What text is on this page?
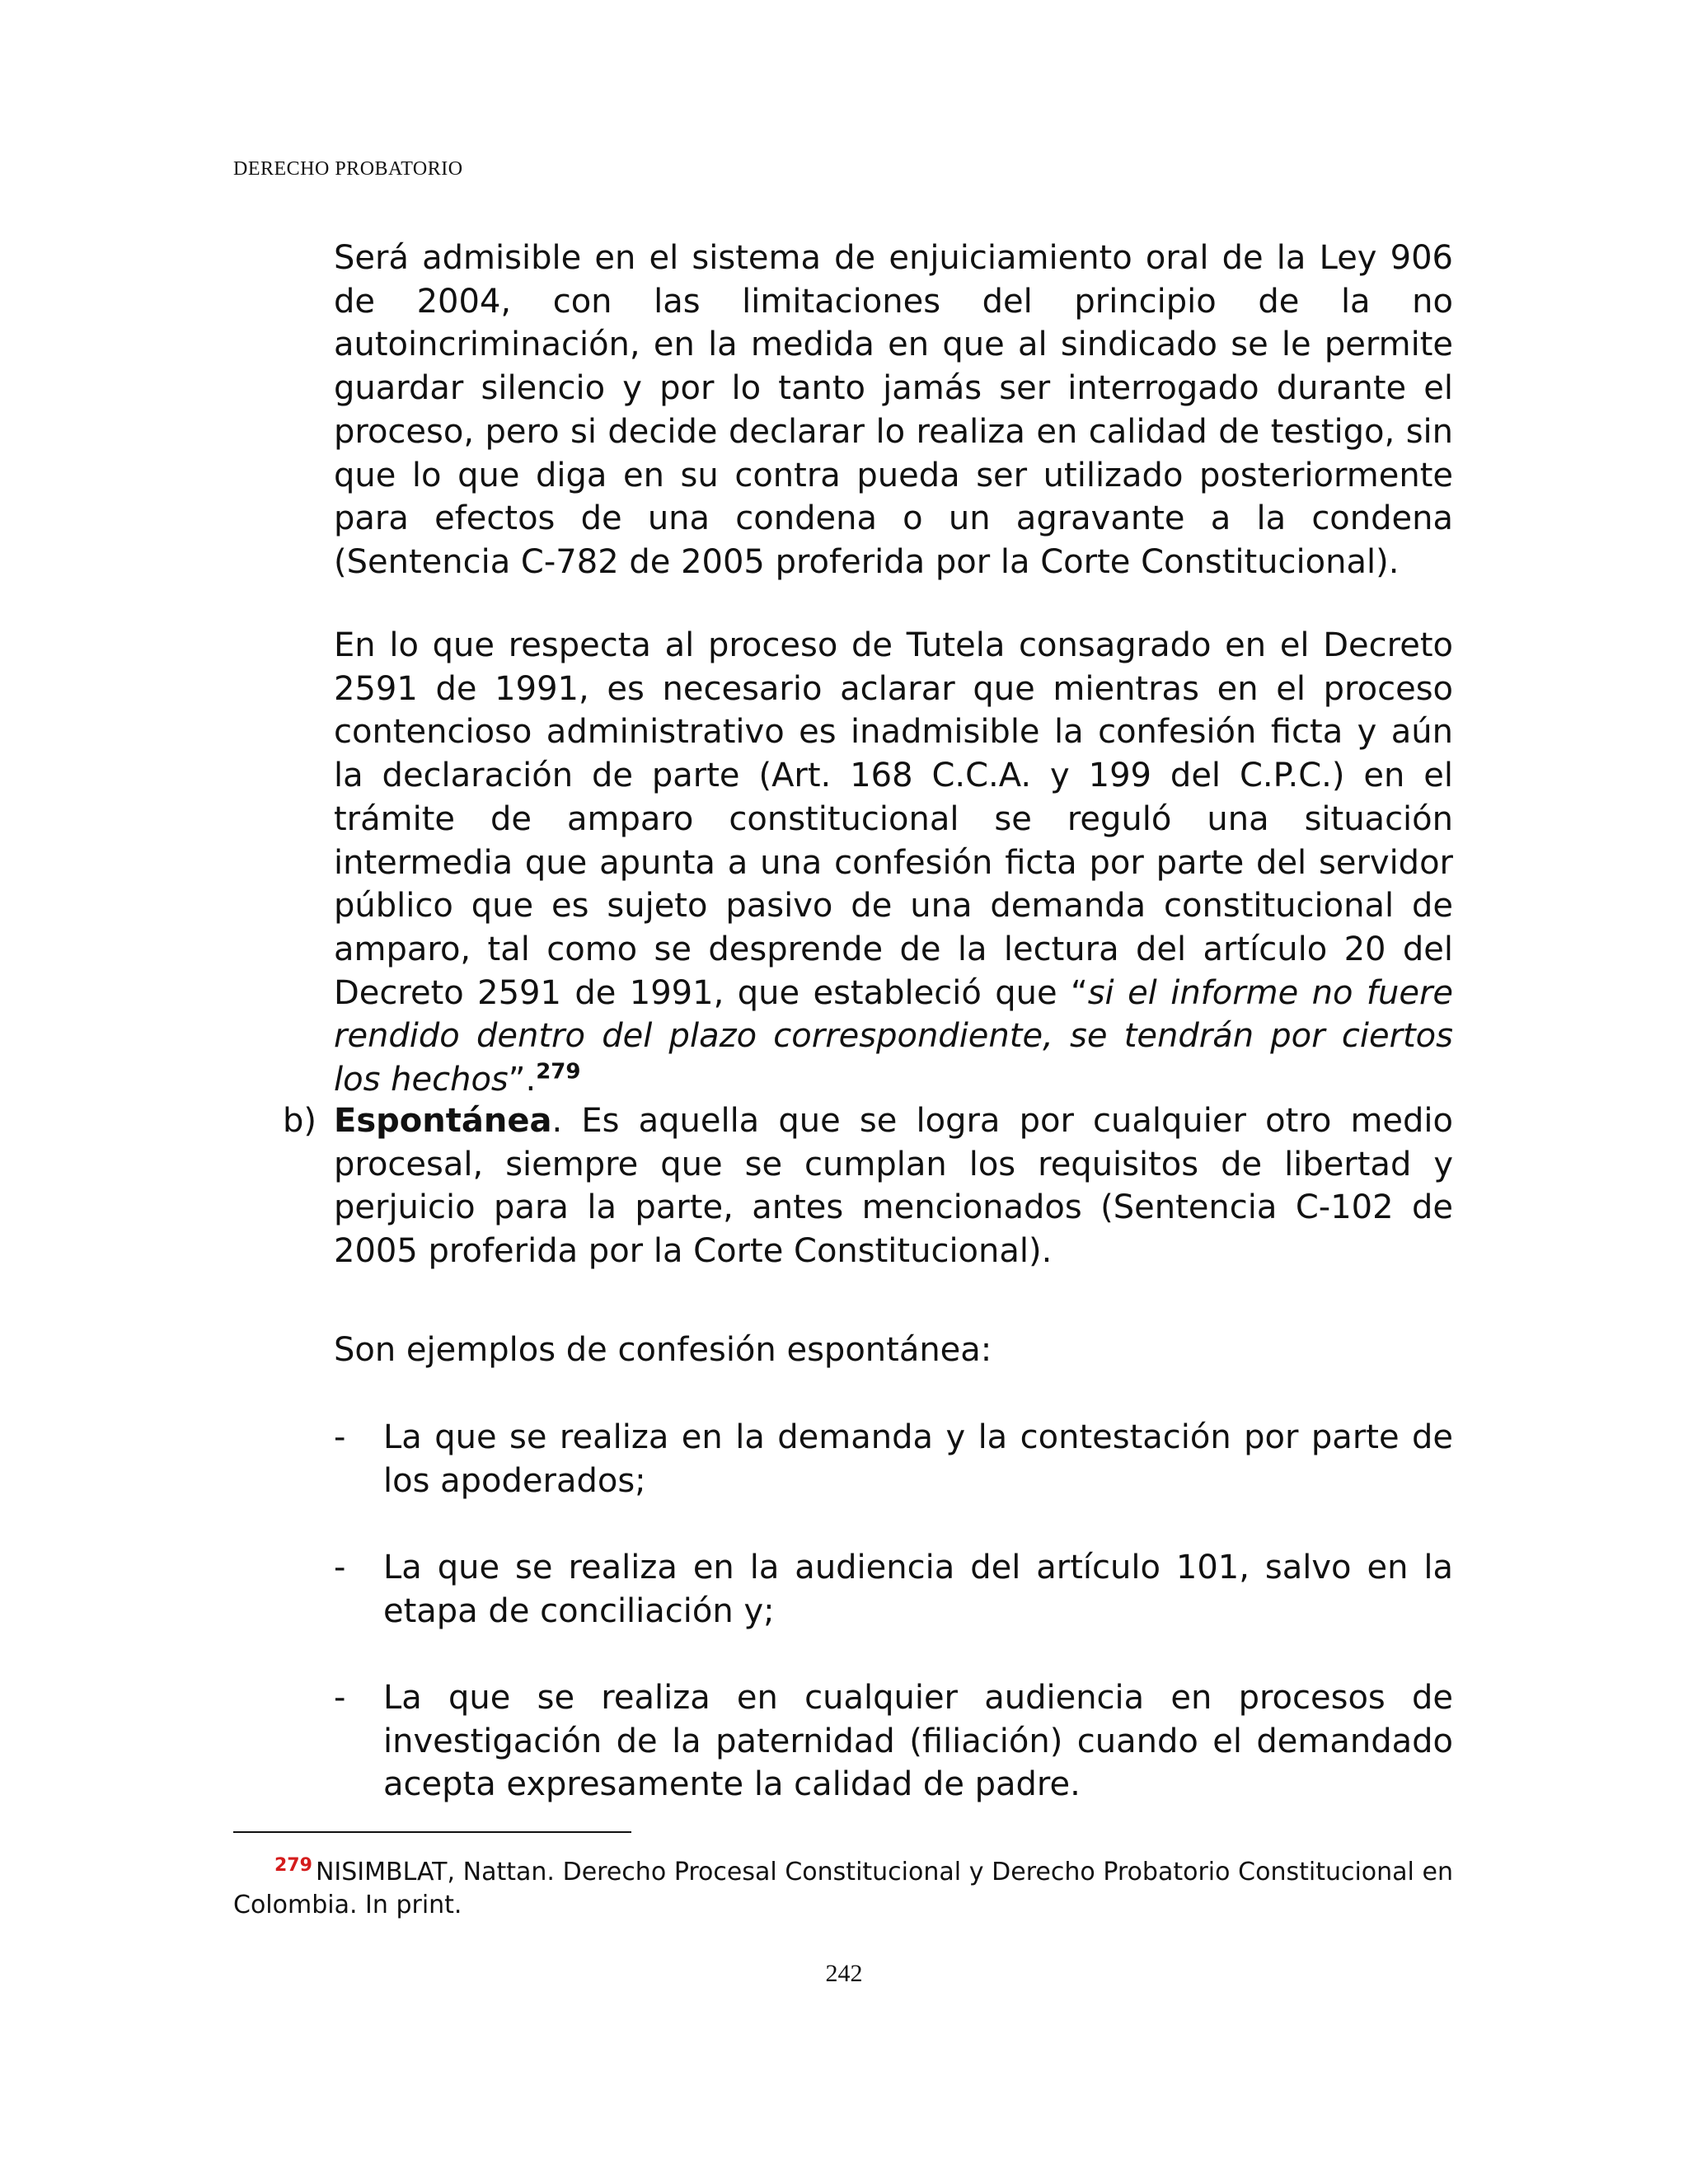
DERECHO PROBATORIO

Será admisible en el sistema de enjuiciamiento oral de la Ley 906 de 2004, con las limitaciones del principio de la no autoincriminación, en la medida en que al sindicado se le permite guardar silencio y por lo tanto jamás ser interrogado durante el proceso, pero si decide declarar lo realiza en calidad de testigo, sin que lo que diga en su contra pueda ser utilizado posteriormente para efectos de una condena o un agravante a la condena (Sentencia C-782 de 2005 proferida por la Corte Constitucional).

En lo que respecta al proceso de Tutela consagrado en el Decreto 2591 de 1991, es necesario aclarar que mientras en el proceso contencioso administrativo es inadmisible la confesión ficta y aún la declaración de parte (Art. 168 C.C.A. y 199 del C.P.C.) en el trámite de amparo constitucional se reguló una situación intermedia que apunta a una confesión ficta por parte del servidor público que es sujeto pasivo de una demanda constitucional de amparo, tal como se desprende de la lectura del artículo 20 del Decreto 2591 de 1991, que estableció que “si el informe no fuere rendido dentro del plazo correspondiente, se tendrán por ciertos los hechos”.$^{279}$

b) Espontánea. Es aquella que se logra por cualquier otro medio procesal, siempre que se cumplan los requisitos de libertad y perjuicio para la parte, antes mencionados (Sentencia C-102 de 2005 proferida por la Corte Constitucional).

Son ejemplos de confesión espontánea:

- La que se realiza en la demanda y la contestación por parte de los apoderados;

- La que se realiza en la audiencia del artículo 101, salvo en la etapa de conciliación y;

- La que se realiza en cualquier audiencia en procesos de investigación de la paternidad (filiación) cuando el demandado acepta expresamente la calidad de padre.

$^{279}$ NISIMBLAT, Nattan. Derecho Procesal Constitucional y Derecho Probatorio Constitucional en Colombia. In print.

242
